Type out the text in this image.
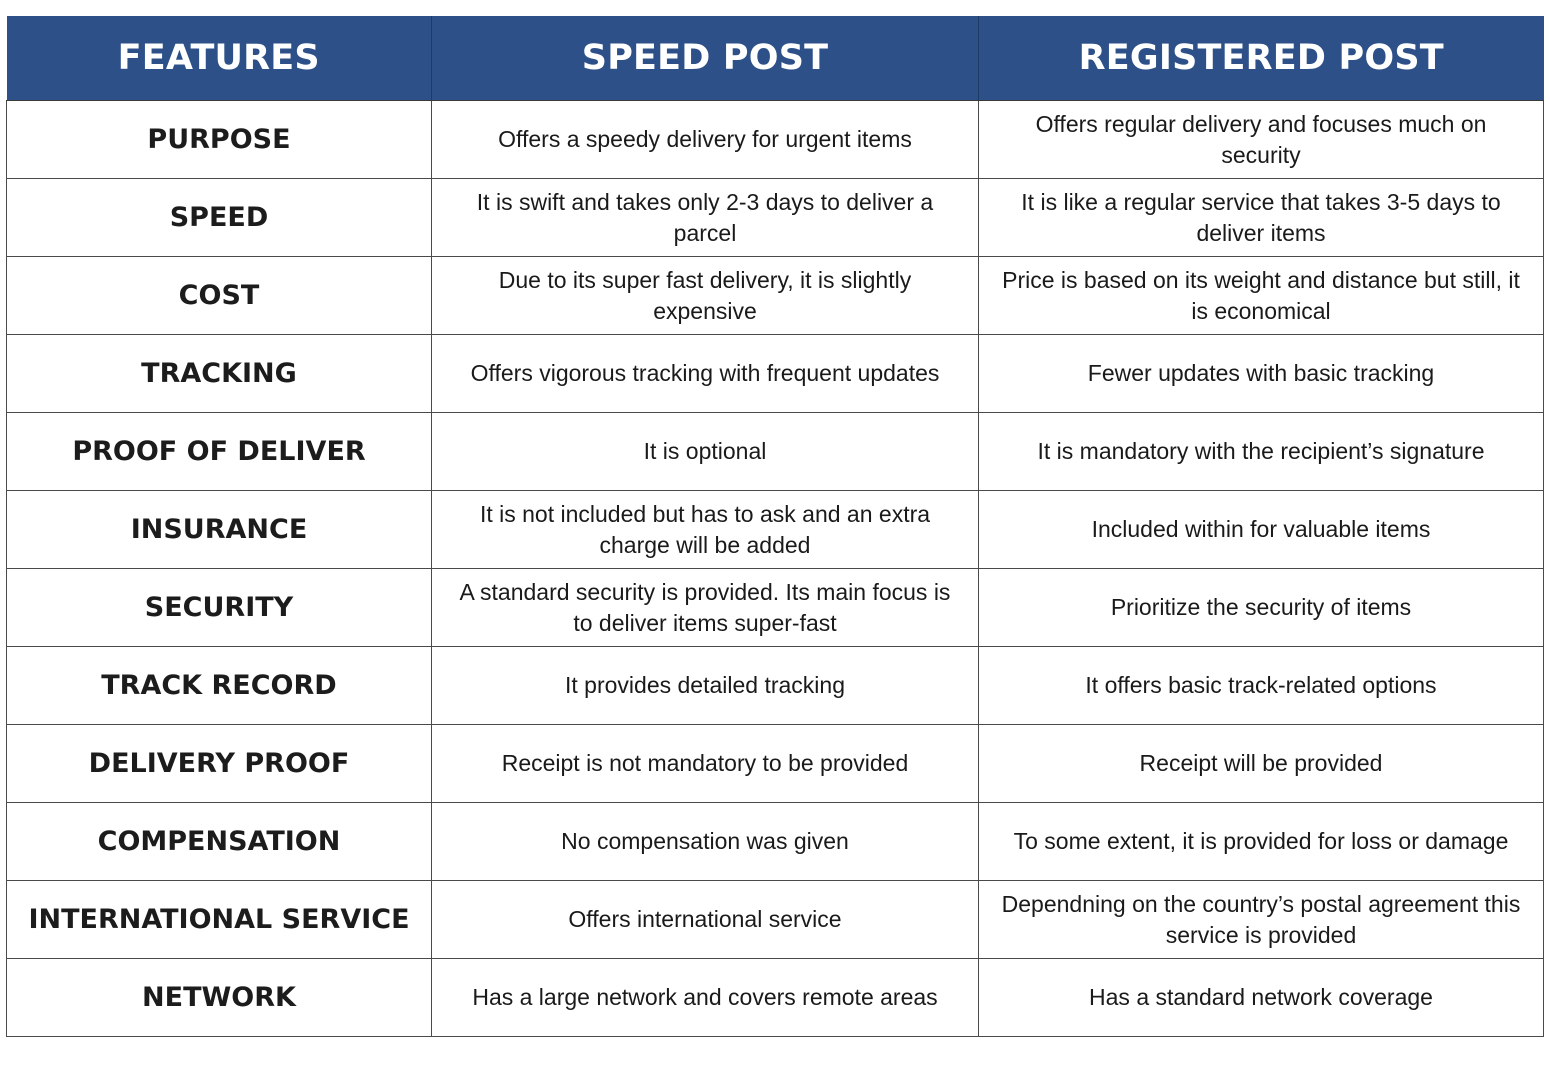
FEATURES	SPEED POST	REGISTERED POST
PURPOSE	Offers a speedy delivery for urgent items	Offers regular delivery and focuses much on security
SPEED	It is swift and takes only 2-3 days to deliver a parcel	It is like a regular service that takes 3-5 days to deliver items
COST	Due to its super fast delivery, it is slightly expensive	Price is based on its weight and distance but still, it is economical
TRACKING	Offers vigorous tracking with frequent updates	Fewer updates with basic tracking
PROOF OF DELIVER	It is optional	It is mandatory with the recipient’s signature
INSURANCE	It is not included but has to ask and an extra charge will be added	Included within for valuable items
SECURITY	A standard security is provided. Its main focus is to deliver items super-fast	Prioritize the security of items
TRACK RECORD	It provides detailed tracking	It offers basic track-related options
DELIVERY PROOF	Receipt is not mandatory to be provided	Receipt will be provided
COMPENSATION	No compensation was given	To some extent, it is provided for loss or damage
INTERNATIONAL SERVICE	Offers international service	Dependning on the country’s postal agreement this service is provided
NETWORK	Has a large network and covers remote areas	Has a standard network coverage
